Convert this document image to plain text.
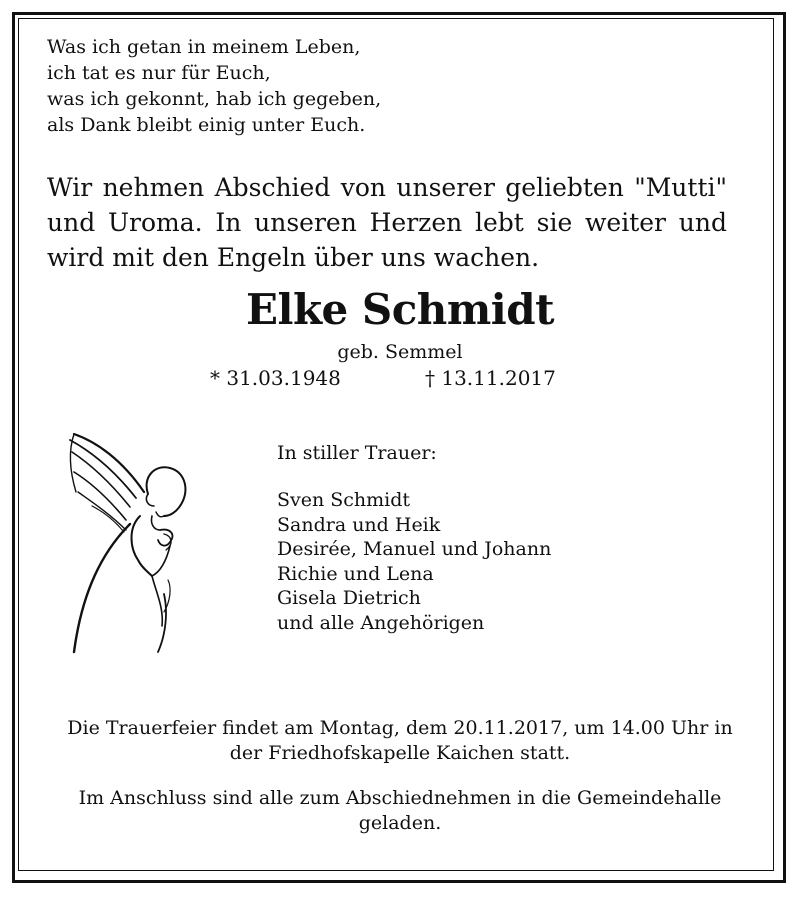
Was ich getan in meinem Leben,
ich tat es nur für Euch,
was ich gekonnt, hab ich gegeben,
als Dank bleibt einig unter Euch.
Wir nehmen Abschied von unserer geliebten "Mutti" und Uroma. In unseren Herzen lebt sie weiter und wird mit den Engeln über uns wachen.
Elke Schmidt
geb. Semmel
* 31.03.1948	† 13.11.2017
In stiller Trauer:
Sven Schmidt
Sandra und Heik
Desirée, Manuel und Johann
Richie und Lena
Gisela Dietrich
und alle Angehörigen

Die Trauerfeier findet am Montag, dem 20.11.2017, um 14.00 Uhr in der Friedhofskapelle Kaichen statt.

Im Anschluss sind alle zum Abschiednehmen in die Gemeindehalle geladen.
